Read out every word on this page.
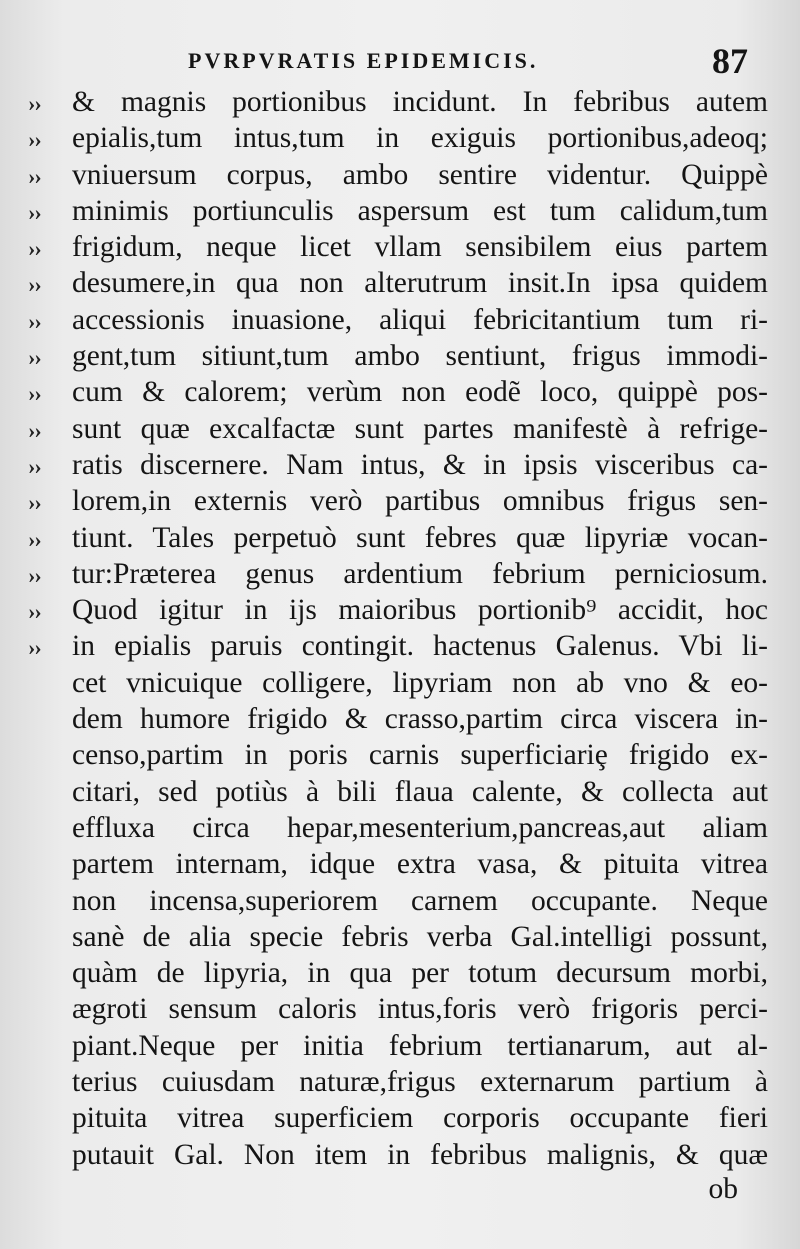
PVRPVRATIS EPIDEMICIS.	87
››	& magnis portionibus incidunt. In febribus autem
››	epialis,tum intus,tum in exiguis portionibus,adeoq;
››	vniuersum corpus, ambo sentire videntur. Quippè
››	minimis portiunculis aspersum est tum calidum,tum
››	frigidum, neque licet vllam sensibilem eius partem
››	desumere,in qua non alterutrum insit.In ipsa quidem
››	accessionis inuasione, aliqui febricitantium tum ri-
››	gent,tum sitiunt,tum ambo sentiunt, frigus immodi-
››	cum & calorem; verùm non eodẽ loco, quippè pos-
››	sunt quæ excalfactæ sunt partes manifestè à refrige-
››	ratis discernere. Nam intus, & in ipsis visceribus ca-
››	lorem,in externis verò partibus omnibus frigus sen-
››	tiunt. Tales perpetuò sunt febres quæ lipyriæ vocan-
››	tur:Præterea genus ardentium febrium perniciosum.
››	Quod igitur in ijs maioribus portionib⁹ accidit, hoc
››	in epialis paruis contingit. hactenus Galenus. Vbi li-
cet vnicuique colligere, lipyriam non ab vno & eo-
dem humore frigido & crasso,partim circa viscera in-
censo,partim in poris carnis superficiariȩ frigido ex-
citari, sed potiùs à bili flaua calente, & collecta aut
effluxa circa hepar,mesenterium,pancreas,aut aliam
partem internam, idque extra vasa, & pituita vitrea
non incensa,superiorem carnem occupante. Neque
sanè de alia specie febris verba Gal.intelligi possunt,
quàm de lipyria, in qua per totum decursum morbi,
ægroti sensum caloris intus,foris verò frigoris perci-
piant.Neque per initia febrium tertianarum, aut al-
terius cuiusdam naturæ,frigus externarum partium à
pituita vitrea superficiem corporis occupante fieri
putauit Gal. Non item in febribus malignis, & quæ
ob
